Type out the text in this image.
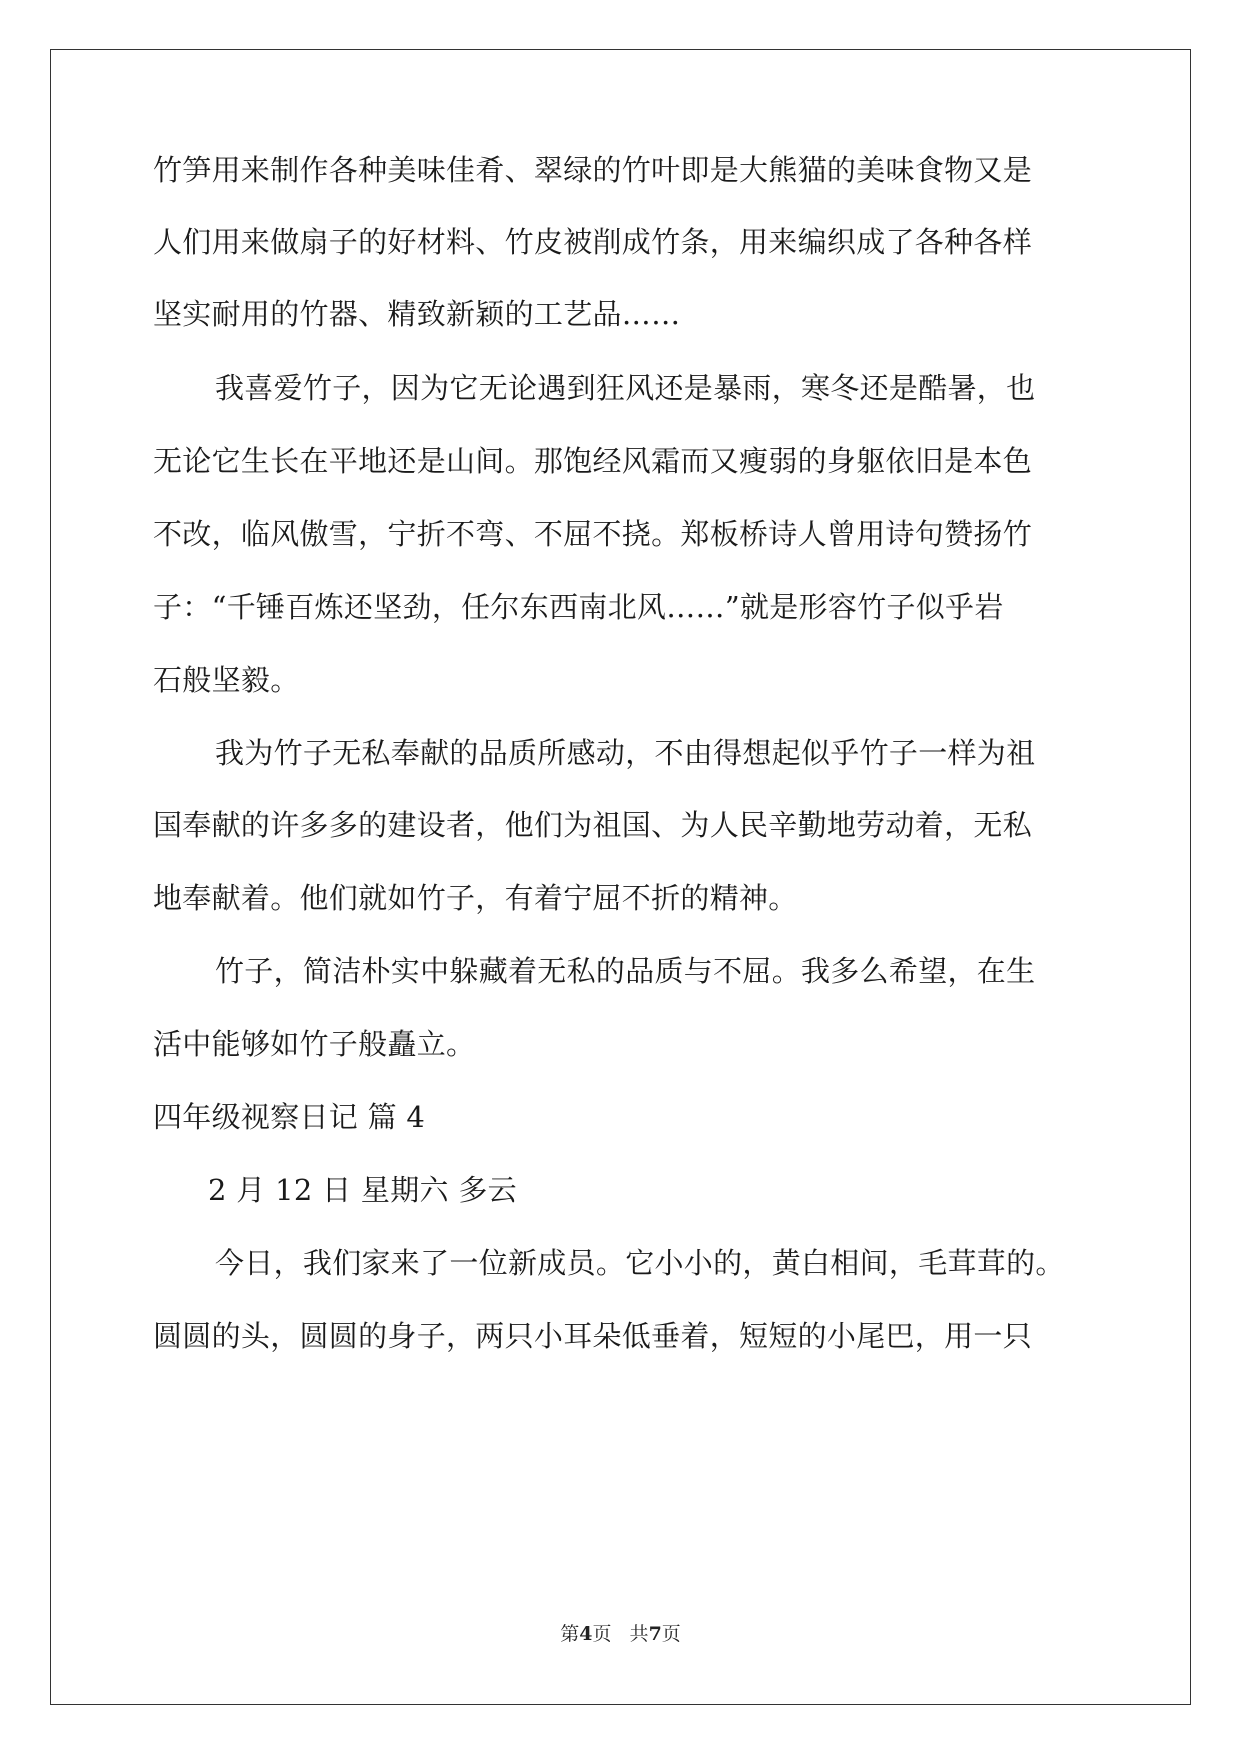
竹笋用来制作各种美味佳肴、翠绿的竹叶即是大熊猫的美味食物又是
人们用来做扇子的好材料、竹皮被削成竹条，用来编织成了各种各样
坚实耐用的竹器、精致新颖的工艺品……
我喜爱竹子，因为它无论遇到狂风还是暴雨，寒冬还是酷暑，也
无论它生长在平地还是山间。那饱经风霜而又瘦弱的身躯依旧是本色
不改，临风傲雪，宁折不弯、不屈不挠。郑板桥诗人曾用诗句赞扬竹
子：“千锤百炼还坚劲，任尔东西南北风……”就是形容竹子似乎岩
石般坚毅。
我为竹子无私奉献的品质所感动，不由得想起似乎竹子一样为祖
国奉献的许多多的建设者，他们为祖国、为人民辛勤地劳动着，无私
地奉献着。他们就如竹子，有着宁屈不折的精神。
竹子，简洁朴实中躲藏着无私的品质与不屈。我多么希望，在生
活中能够如竹子般矗立。
四年级视察日记 篇 4
2 月 12 日 星期六 多云
今日，我们家来了一位新成员。它小小的，黄白相间，毛茸茸的。
圆圆的头，圆圆的身子，两只小耳朵低垂着，短短的小尾巴，用一只
第4页   共7页
